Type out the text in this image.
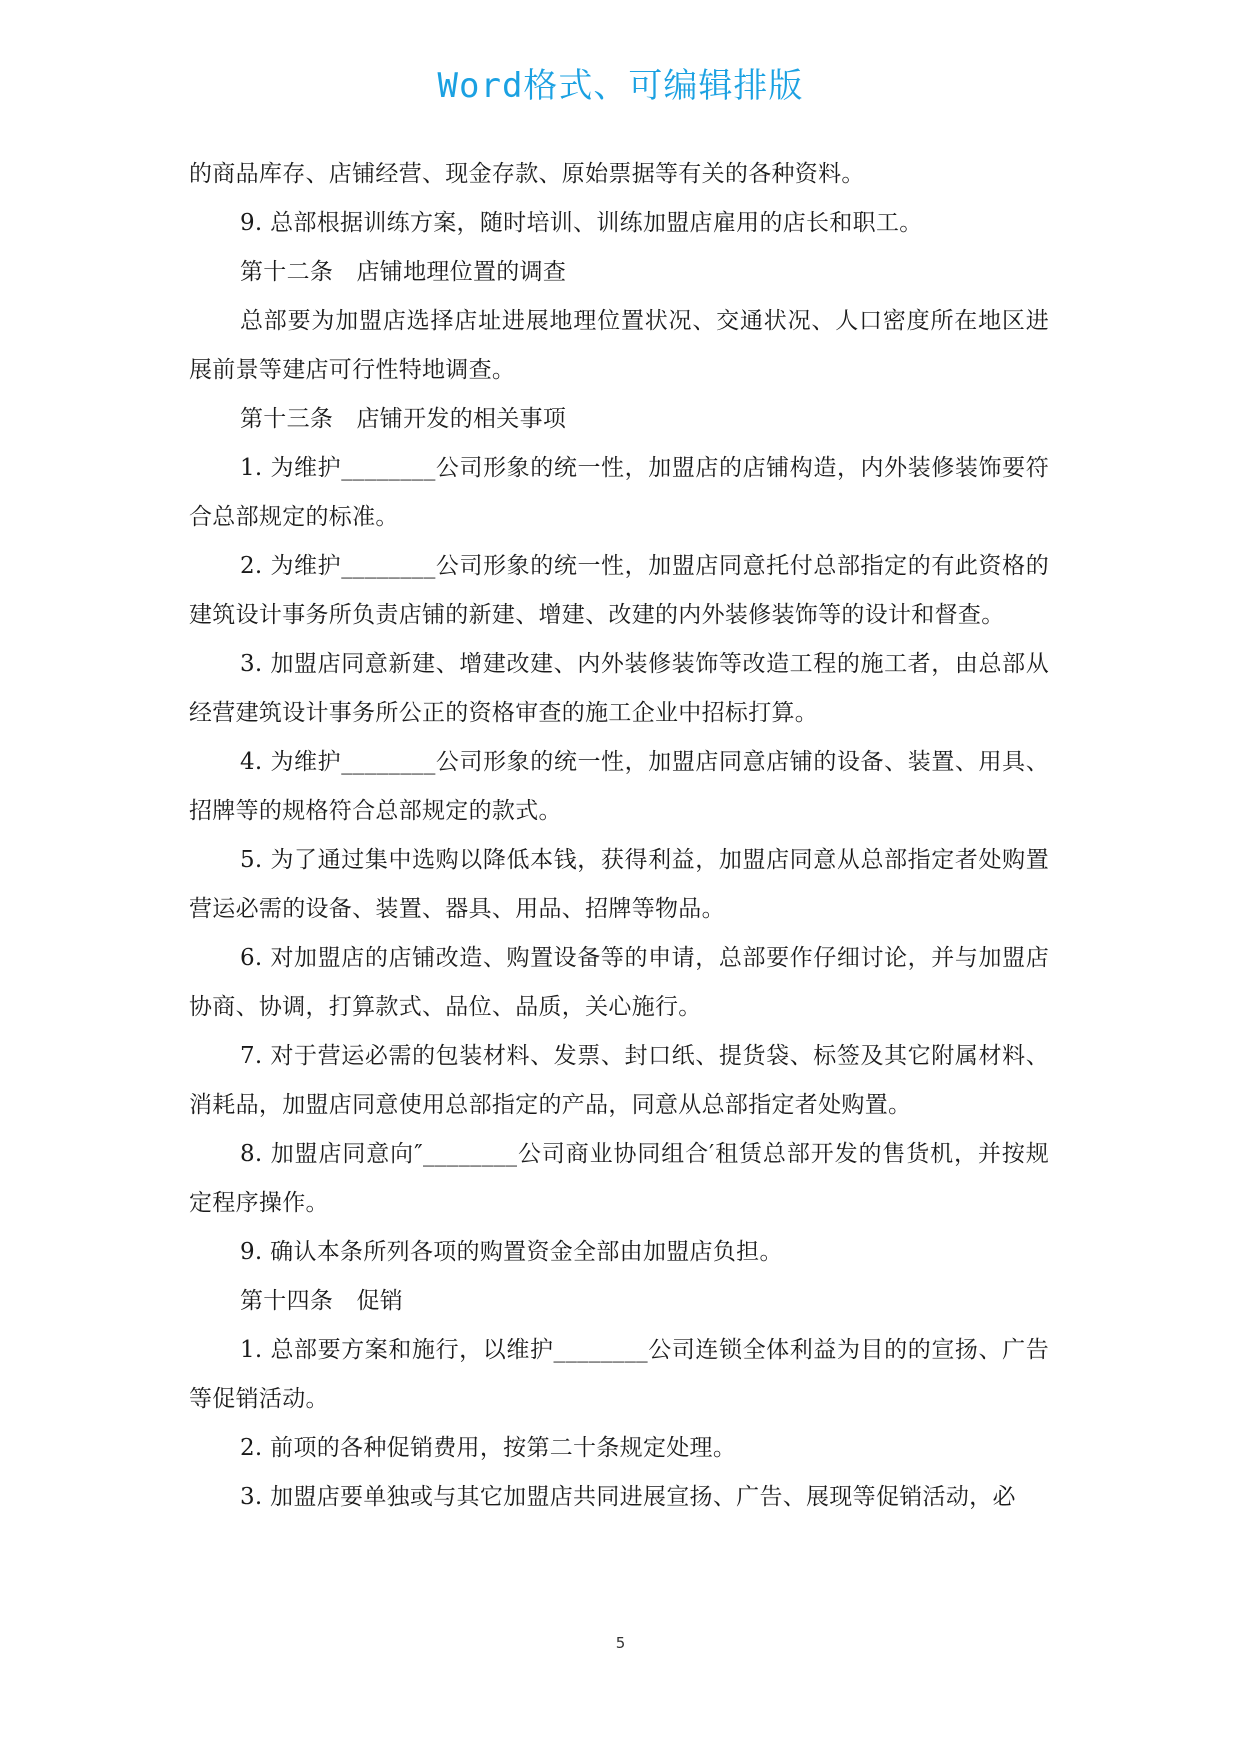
Word格式、可编辑排版

的商品库存、店铺经营、现金存款、原始票据等有关的各种资料。

9. 总部根据训练方案，随时培训、训练加盟店雇用的店长和职工。

第十二条　店铺地理位置的调查

总部要为加盟店选择店址进展地理位置状况、交通状况、人口密度所在地区进展前景等建店可行性特地调查。

第十三条　店铺开发的相关事项

1. 为维护________公司形象的统一性，加盟店的店铺构造，内外装修装饰要符合总部规定的标准。

2. 为维护________公司形象的统一性，加盟店同意托付总部指定的有此资格的建筑设计事务所负责店铺的新建、增建、改建的内外装修装饰等的设计和督查。

3. 加盟店同意新建、增建改建、内外装修装饰等改造工程的施工者，由总部从经营建筑设计事务所公正的资格审查的施工企业中招标打算。

4. 为维护________公司形象的统一性，加盟店同意店铺的设备、装置、用具、招牌等的规格符合总部规定的款式。

5. 为了通过集中选购以降低本钱，获得利益，加盟店同意从总部指定者处购置营运必需的设备、装置、器具、用品、招牌等物品。

6. 对加盟店的店铺改造、购置设备等的申请，总部要作仔细讨论，并与加盟店协商、协调，打算款式、品位、品质，关心施行。

7. 对于营运必需的包装材料、发票、封口纸、提货袋、标签及其它附属材料、消耗品，加盟店同意使用总部指定的产品，同意从总部指定者处购置。

8. 加盟店同意向″________公司商业协同组合′租赁总部开发的售货机，并按规定程序操作。

9. 确认本条所列各项的购置资金全部由加盟店负担。

第十四条　促销

1. 总部要方案和施行，以维护________公司连锁全体利益为目的的宣扬、广告等促销活动。

2. 前项的各种促销费用，按第二十条规定处理。

3. 加盟店要单独或与其它加盟店共同进展宣扬、广告、展现等促销活动，必

5
